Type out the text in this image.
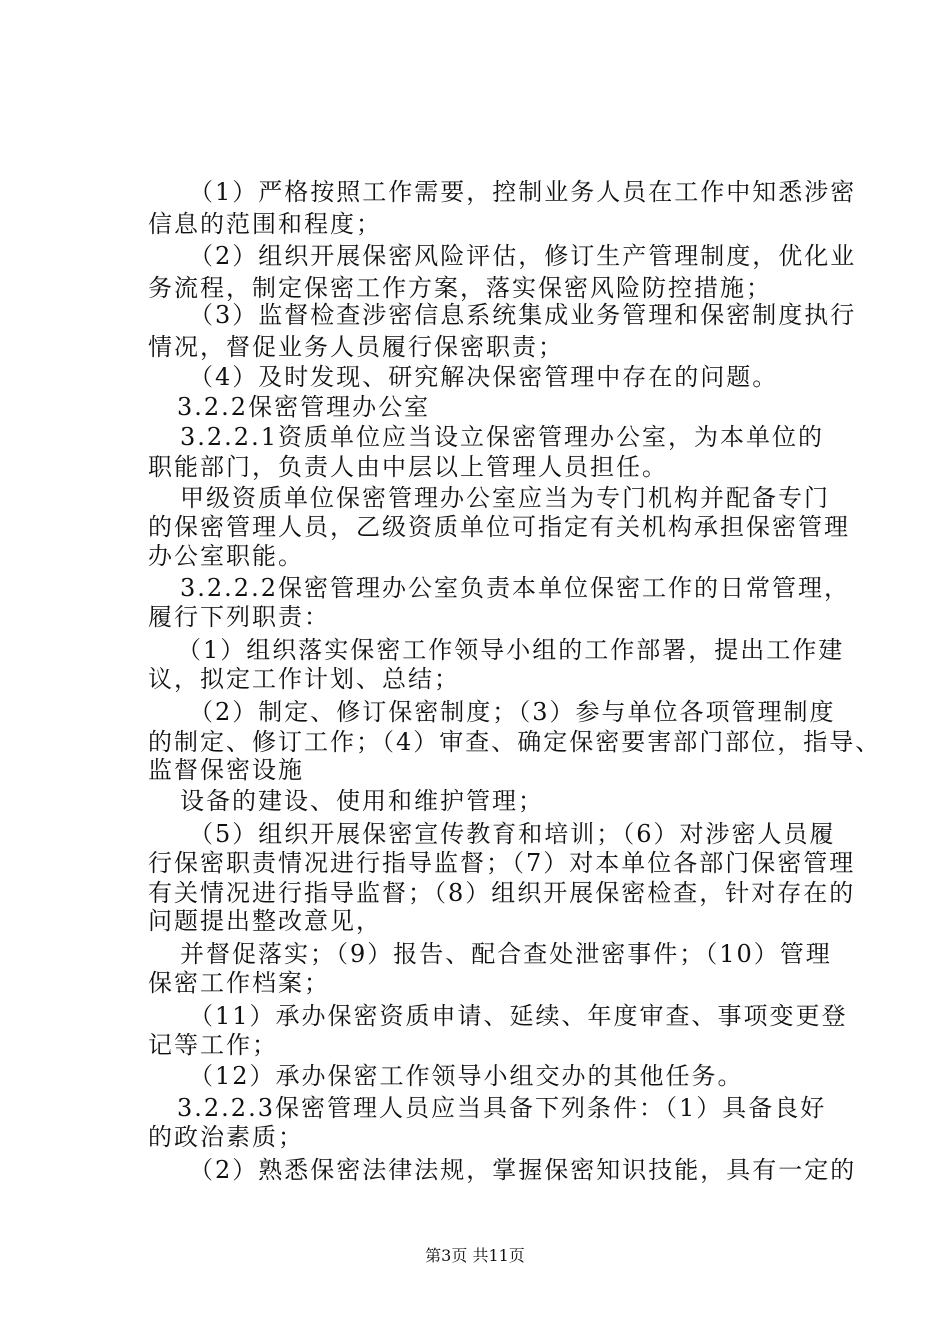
（1）严格按照工作需要，控制业务人员在工作中知悉涉密
信息的范围和程度；
（2）组织开展保密风险评估，修订生产管理制度，优化业
务流程，制定保密工作方案，落实保密风险防控措施；
（3）监督检查涉密信息系统集成业务管理和保密制度执行
情况，督促业务人员履行保密职责；
（4）及时发现、研究解决保密管理中存在的问题。
3.2.2保密管理办公室
3.2.2.1资质单位应当设立保密管理办公室，为本单位的
职能部门，负责人由中层以上管理人员担任。
甲级资质单位保密管理办公室应当为专门机构并配备专门
的保密管理人员，乙级资质单位可指定有关机构承担保密管理
办公室职能。
3.2.2.2保密管理办公室负责本单位保密工作的日常管理，
履行下列职责：
（1）组织落实保密工作领导小组的工作部署，提出工作建
议，拟定工作计划、总结；
（2）制定、修订保密制度；（3）参与单位各项管理制度
的制定、修订工作；（4）审查、确定保密要害部门部位，指导、
监督保密设施
设备的建设、使用和维护管理；
（5）组织开展保密宣传教育和培训；（6）对涉密人员履
行保密职责情况进行指导监督；（7）对本单位各部门保密管理
有关情况进行指导监督；（8）组织开展保密检查，针对存在的
问题提出整改意见，
并督促落实；（9）报告、配合查处泄密事件；（10）管理
保密工作档案；
（11）承办保密资质申请、延续、年度审查、事项变更登
记等工作；
（12）承办保密工作领导小组交办的其他任务。
3.2.2.3保密管理人员应当具备下列条件：（1）具备良好
的政治素质；
（2）熟悉保密法律法规，掌握保密知识技能，具有一定的
第3页 共11页
